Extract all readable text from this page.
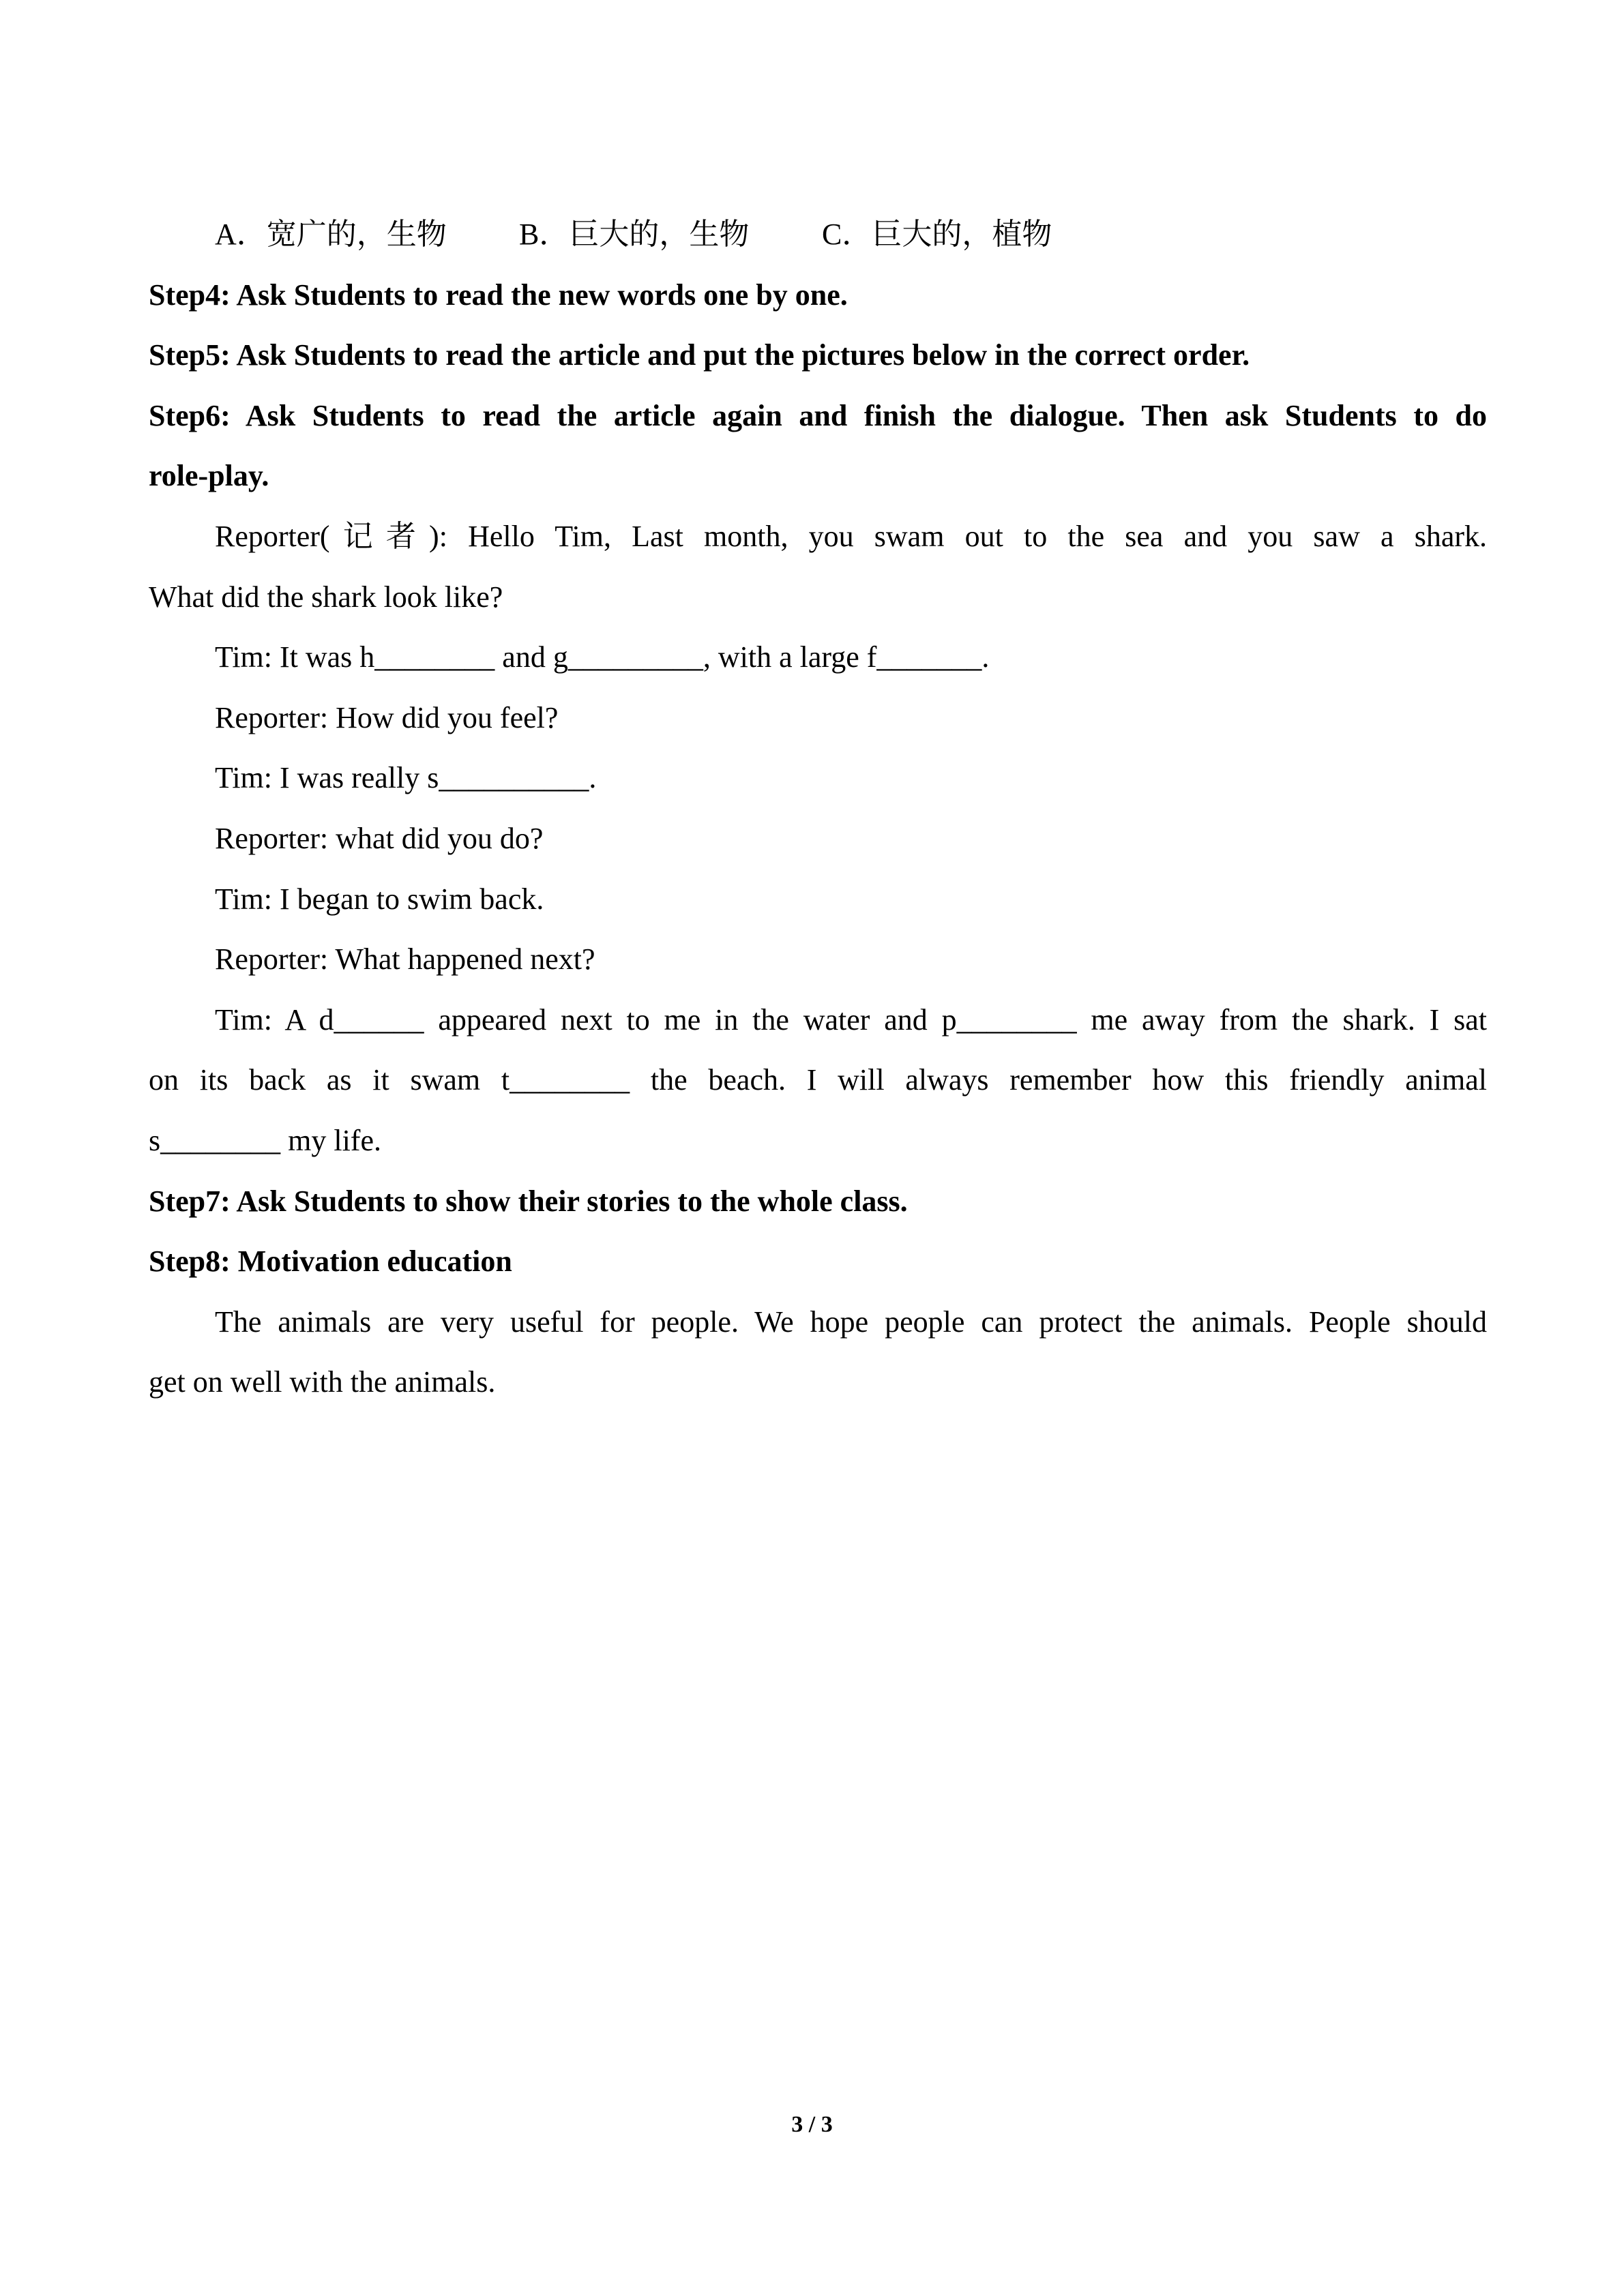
A．宽广的，生物 B．巨大的，生物 C．巨大的，植物
Step4: Ask Students to read the new words one by one.
Step5: Ask Students to read the article and put the pictures below in the correct order.
Step6: Ask Students to read the article again and finish the dialogue. Then ask Students to do
role-play.
Reporter(记者): Hello Tim, Last month, you swam out to the sea and you saw a shark.
What did the shark look like?
Tim: It was h________ and g_________, with a large f_______.
Reporter: How did you feel?
Tim: I was really s__________.
Reporter: what did you do?
Tim: I began to swim back.
Reporter: What happened next?
Tim: A d______ appeared next to me in the water and p________ me away from the shark. I sat
on its back as it swam t________ the beach. I will always remember how this friendly animal
s________ my life.
Step7: Ask Students to show their stories to the whole class.
Step8: Motivation education
The animals are very useful for people. We hope people can protect the animals. People should
get on well with the animals.
3 / 3
